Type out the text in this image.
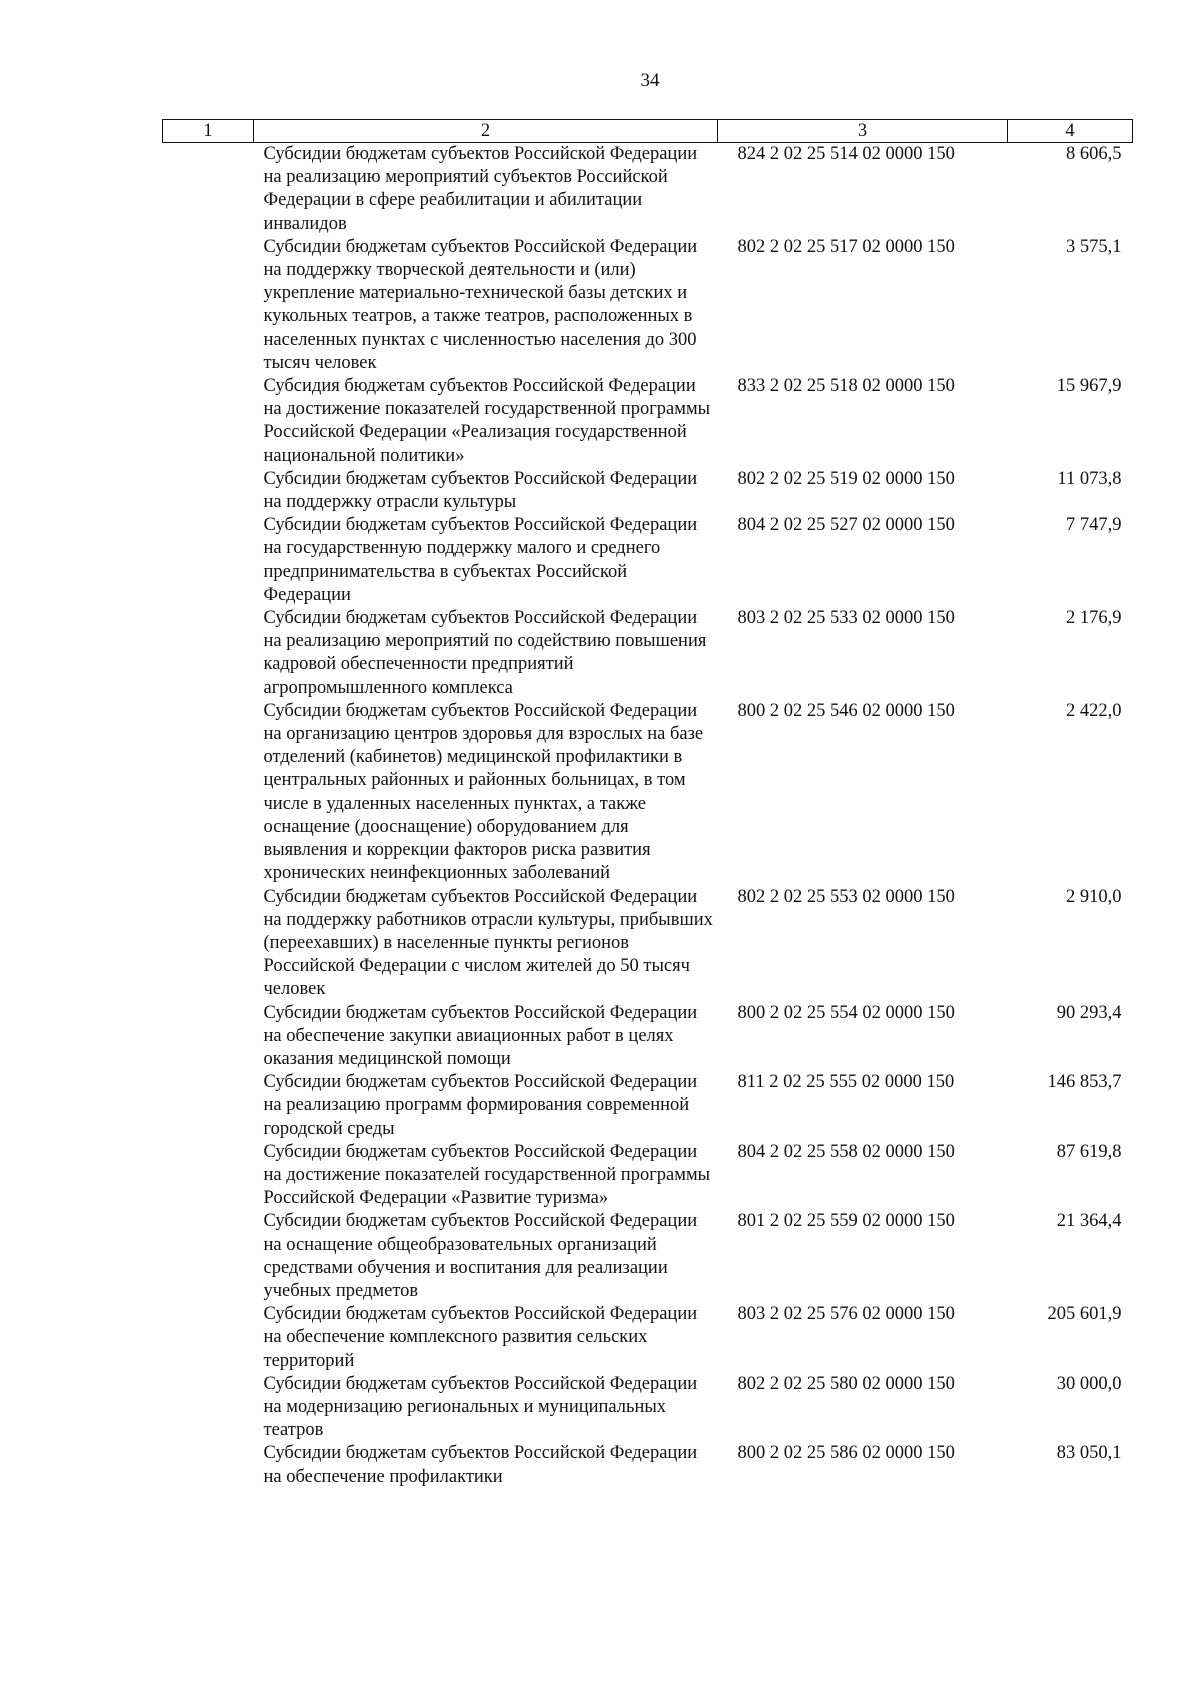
34
1	2	3	4
	Субсидии бюджетам субъектов Российской Федерации на реализацию мероприятий субъектов Российской Федерации в сфере реабилитации и абилитации инвалидов	824 2 02 25 514 02 0000 150	8 606,5
	Субсидии бюджетам субъектов Российской Федерации на поддержку творческой деятельности и (или) укрепление материально-технической базы детских и кукольных театров, а также театров, расположенных в населенных пунктах с численностью населения до 300 тысяч человек	802 2 02 25 517 02 0000 150	3 575,1
	Субсидия бюджетам субъектов Российской Федерации на достижение показателей государственной программы Российской Федерации «Реализация государственной национальной политики»	833 2 02 25 518 02 0000 150	15 967,9
	Субсидии бюджетам субъектов Российской Федерации на поддержку отрасли культуры	802 2 02 25 519 02 0000 150	11 073,8
	Субсидии бюджетам субъектов Российской Федерации на государственную поддержку малого и среднего предпринимательства в субъектах Российской Федерации	804 2 02 25 527 02 0000 150	7 747,9
	Субсидии бюджетам субъектов Российской Федерации на реализацию мероприятий по содействию повышения кадровой обеспеченности предприятий агропромышленного комплекса	803 2 02 25 533 02 0000 150	2 176,9
	Субсидии бюджетам субъектов Российской Федерации на организацию центров здоровья для взрослых на базе отделений (кабинетов) медицинской профилактики в центральных районных и районных больницах, в том числе в удаленных населенных пунктах, а также оснащение (дооснащение) оборудованием для выявления и коррекции факторов риска развития хронических неинфекционных заболеваний	800 2 02 25 546 02 0000 150	2 422,0
	Субсидии бюджетам субъектов Российской Федерации на поддержку работников отрасли культуры, прибывших (переехавших) в населенные пункты регионов Российской Федерации с числом жителей до 50 тысяч человек	802 2 02 25 553 02 0000 150	2 910,0
	Субсидии бюджетам субъектов Российской Федерации на обеспечение закупки авиационных работ в целях оказания медицинской помощи	800 2 02 25 554 02 0000 150	90 293,4
	Субсидии бюджетам субъектов Российской Федерации на реализацию программ формирования современной городской среды	811 2 02 25 555 02 0000 150	146 853,7
	Субсидии бюджетам субъектов Российской Федерации на достижение показателей государственной программы Российской Федерации «Развитие туризма»	804 2 02 25 558 02 0000 150	87 619,8
	Субсидии бюджетам субъектов Российской Федерации на оснащение общеобразовательных организаций средствами обучения и воспитания для реализации учебных предметов	801 2 02 25 559 02 0000 150	21 364,4
	Субсидии бюджетам субъектов Российской Федерации на обеспечение комплексного развития сельских территорий	803 2 02 25 576 02 0000 150	205 601,9
	Субсидии бюджетам субъектов Российской Федерации на модернизацию региональных и муниципальных театров	802 2 02 25 580 02 0000 150	30 000,0
	Субсидии бюджетам субъектов Российской Федерации на обеспечение профилактики	800 2 02 25 586 02 0000 150	83 050,1
